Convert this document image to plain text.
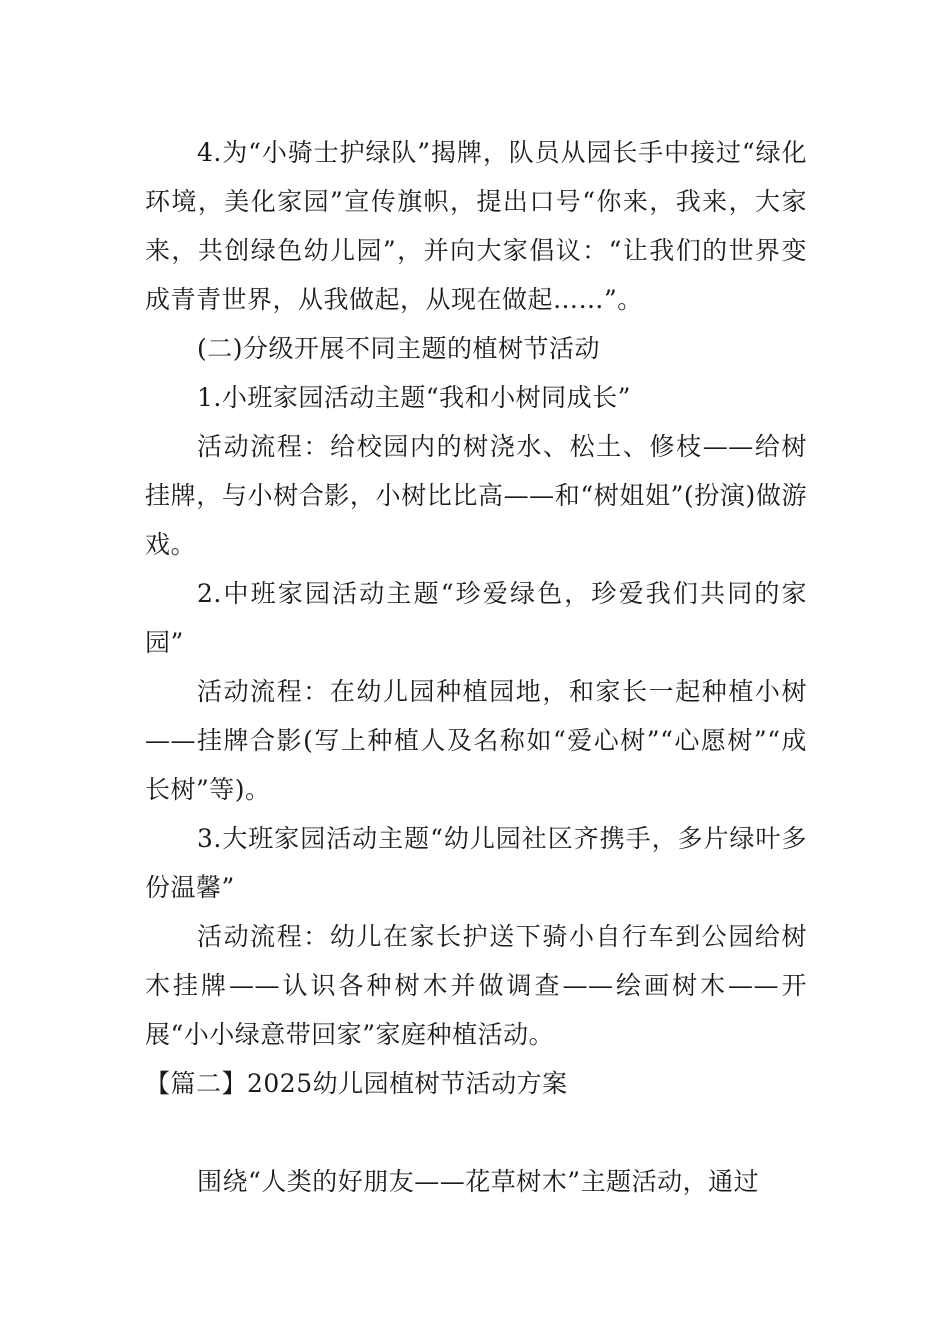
4.为“小骑士护绿队”揭牌，队员从园长手中接过“绿化环境，美化家园”宣传旗帜，提出口号“你来，我来，大家来，共创绿色幼儿园”，并向大家倡议：“让我们的世界变成青青世界，从我做起，从现在做起……”。

(二)分级开展不同主题的植树节活动

1.小班家园活动主题“我和小树同成长”

活动流程：给校园内的树浇水、松土、修枝——给树挂牌，与小树合影，小树比比高——和“树姐姐”(扮演)做游戏。

2.中班家园活动主题“珍爱绿色，珍爱我们共同的家园”

活动流程：在幼儿园种植园地，和家长一起种植小树——挂牌合影(写上种植人及名称如“爱心树”“心愿树”“成长树”等)。

3.大班家园活动主题“幼儿园社区齐携手，多片绿叶多份温馨”

活动流程：幼儿在家长护送下骑小自行车到公园给树木挂牌——认识各种树木并做调查——绘画树木——开展“小小绿意带回家”家庭种植活动。

【篇二】2025幼儿园植树节活动方案

围绕“人类的好朋友——花草树木”主题活动，通过
